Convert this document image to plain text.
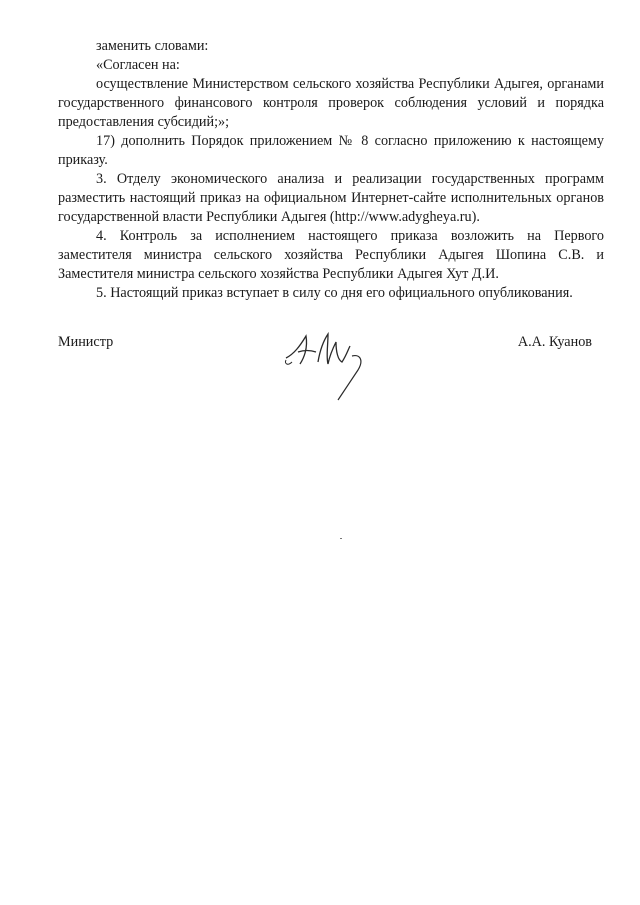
заменить словами:

«Согласен на:

осуществление Министерством сельского хозяйства Республики Адыгея, органами государственного финансового контроля проверок соблюдения условий и порядка предоставления субсидий;»;

17) дополнить Порядок приложением № 8 согласно приложению к настоящему приказу.

3. Отделу экономического анализа и реализации государственных программ разместить настоящий приказ на официальном Интернет-сайте исполнительных органов государственной власти Республики Адыгея (http://www.adygheya.ru).

4. Контроль за исполнением настоящего приказа возложить на Первого заместителя министра сельского хозяйства Республики Адыгея Шопина С.В. и Заместителя министра сельского хозяйства Республики Адыгея Хут Д.И.

5. Настоящий приказ вступает в силу со дня его официального опубликования.

Министр	А.А. Куанов
